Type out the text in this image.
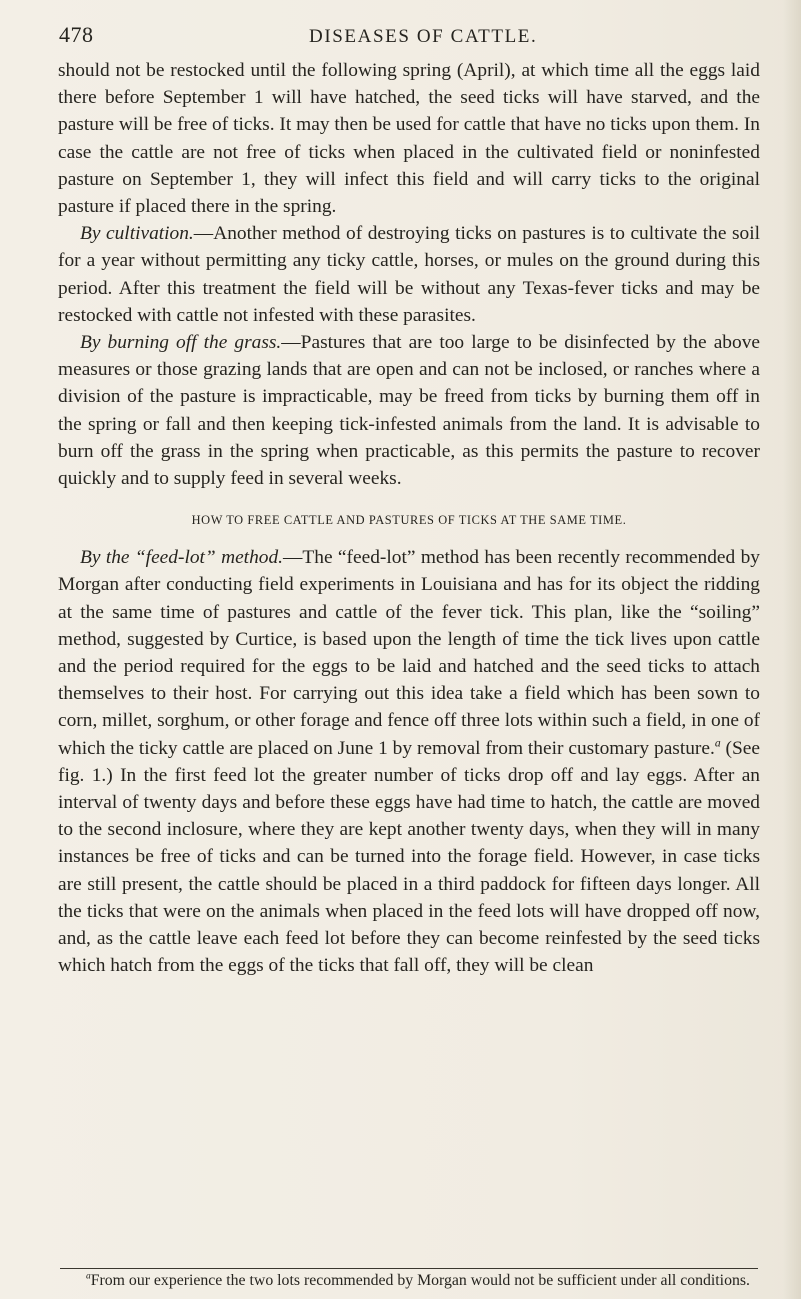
478	DISEASES OF CATTLE.

should not be restocked until the following spring (April), at which time all the eggs laid there before September 1 will have hatched, the seed ticks will have starved, and the pasture will be free of ticks. It may then be used for cattle that have no ticks upon them. In case the cattle are not free of ticks when placed in the cultivated field or noninfested pasture on September 1, they will infect this field and will carry ticks to the original pasture if placed there in the spring.

By cultivation.—Another method of destroying ticks on pastures is to cultivate the soil for a year without permitting any ticky cattle, horses, or mules on the ground during this period. After this treatment the field will be without any Texas-fever ticks and may be restocked with cattle not infested with these parasites.

By burning off the grass.—Pastures that are too large to be disinfected by the above measures or those grazing lands that are open and can not be inclosed, or ranches where a division of the pasture is impracticable, may be freed from ticks by burning them off in the spring or fall and then keeping tick-infested animals from the land. It is advisable to burn off the grass in the spring when practicable, as this permits the pasture to recover quickly and to supply feed in several weeks.

HOW TO FREE CATTLE AND PASTURES OF TICKS AT THE SAME TIME.

By the “feed-lot” method.—The “feed-lot” method has been recently recommended by Morgan after conducting field experiments in Louisiana and has for its object the ridding at the same time of pastures and cattle of the fever tick. This plan, like the “soiling” method, suggested by Curtice, is based upon the length of time the tick lives upon cattle and the period required for the eggs to be laid and hatched and the seed ticks to attach themselves to their host. For carrying out this idea take a field which has been sown to corn, millet, sorghum, or other forage and fence off three lots within such a field, in one of which the ticky cattle are placed on June 1 by removal from their customary pasture.$^a$ (See fig. 1.) In the first feed lot the greater number of ticks drop off and lay eggs. After an interval of twenty days and before these eggs have had time to hatch, the cattle are moved to the second inclosure, where they are kept another twenty days, when they will in many instances be free of ticks and can be turned into the forage field. However, in case ticks are still present, the cattle should be placed in a third paddock for fifteen days longer. All the ticks that were on the animals when placed in the feed lots will have dropped off now, and, as the cattle leave each feed lot before they can become reinfested by the seed ticks which hatch from the eggs of the ticks that fall off, they will be clean

$^a$From our experience the two lots recommended by Morgan would not be sufficient under all conditions.
